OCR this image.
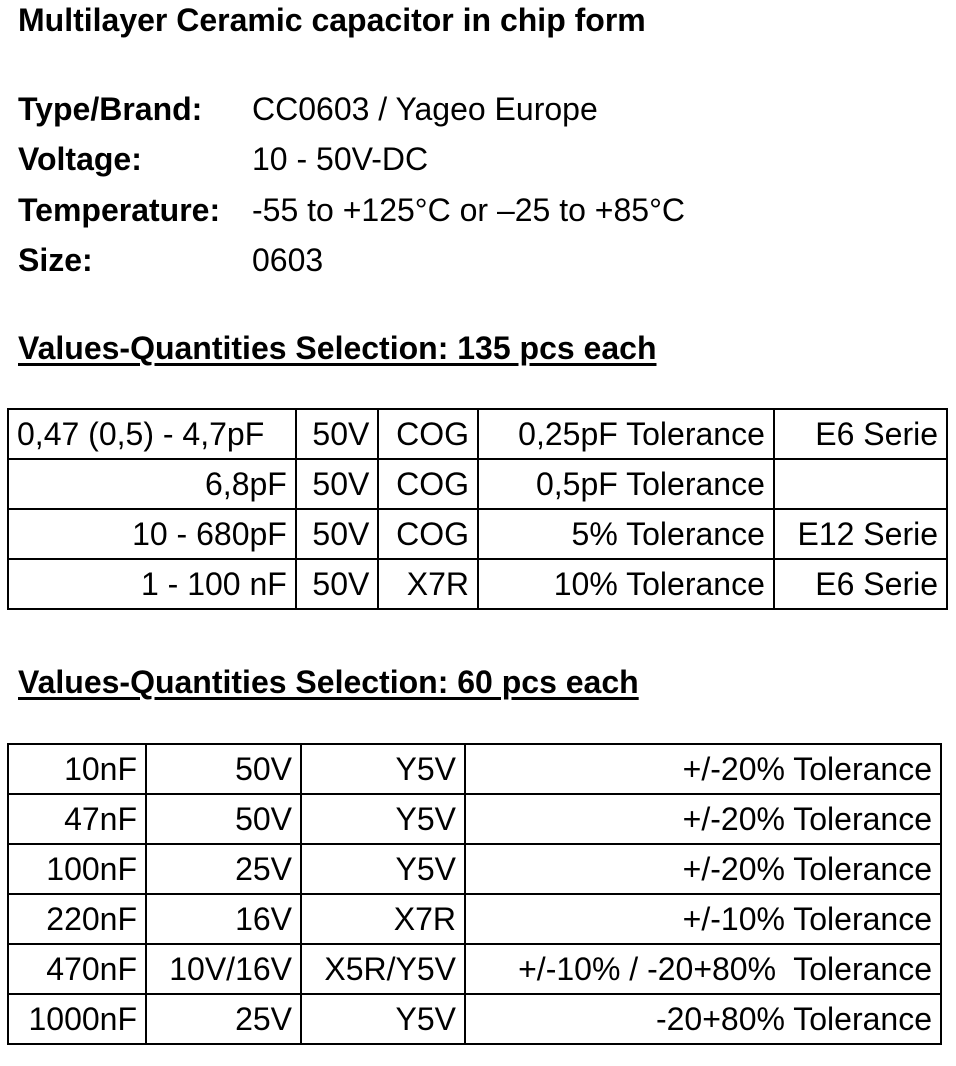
Multilayer Ceramic capacitor in chip form
Type/Brand: CC0603 / Yageo Europe
Voltage:	10 - 50V-DC
Temperature: -55 to +125°C or –25 to +85°C
Size:	0603
Values-Quantities Selection: 135 pcs each
0,47 (0,5) - 4,7pF	50V	COG	0,25pF Tolerance	E6 Serie
6,8pF	50V	COG	0,5pF Tolerance	
10 - 680pF	50V	COG	5% Tolerance	E12 Serie
1 - 100 nF	50V	X7R	10% Tolerance	E6 Serie
Values-Quantities Selection: 60 pcs each
10nF	50V	Y5V	+/-20% Tolerance
47nF	50V	Y5V	+/-20% Tolerance
100nF	25V	Y5V	+/-20% Tolerance
220nF	16V	X7R	+/-10% Tolerance
470nF	10V/16V	X5R/Y5V	+/-10% / -20+80%  Tolerance
1000nF	25V	Y5V	-20+80% Tolerance
